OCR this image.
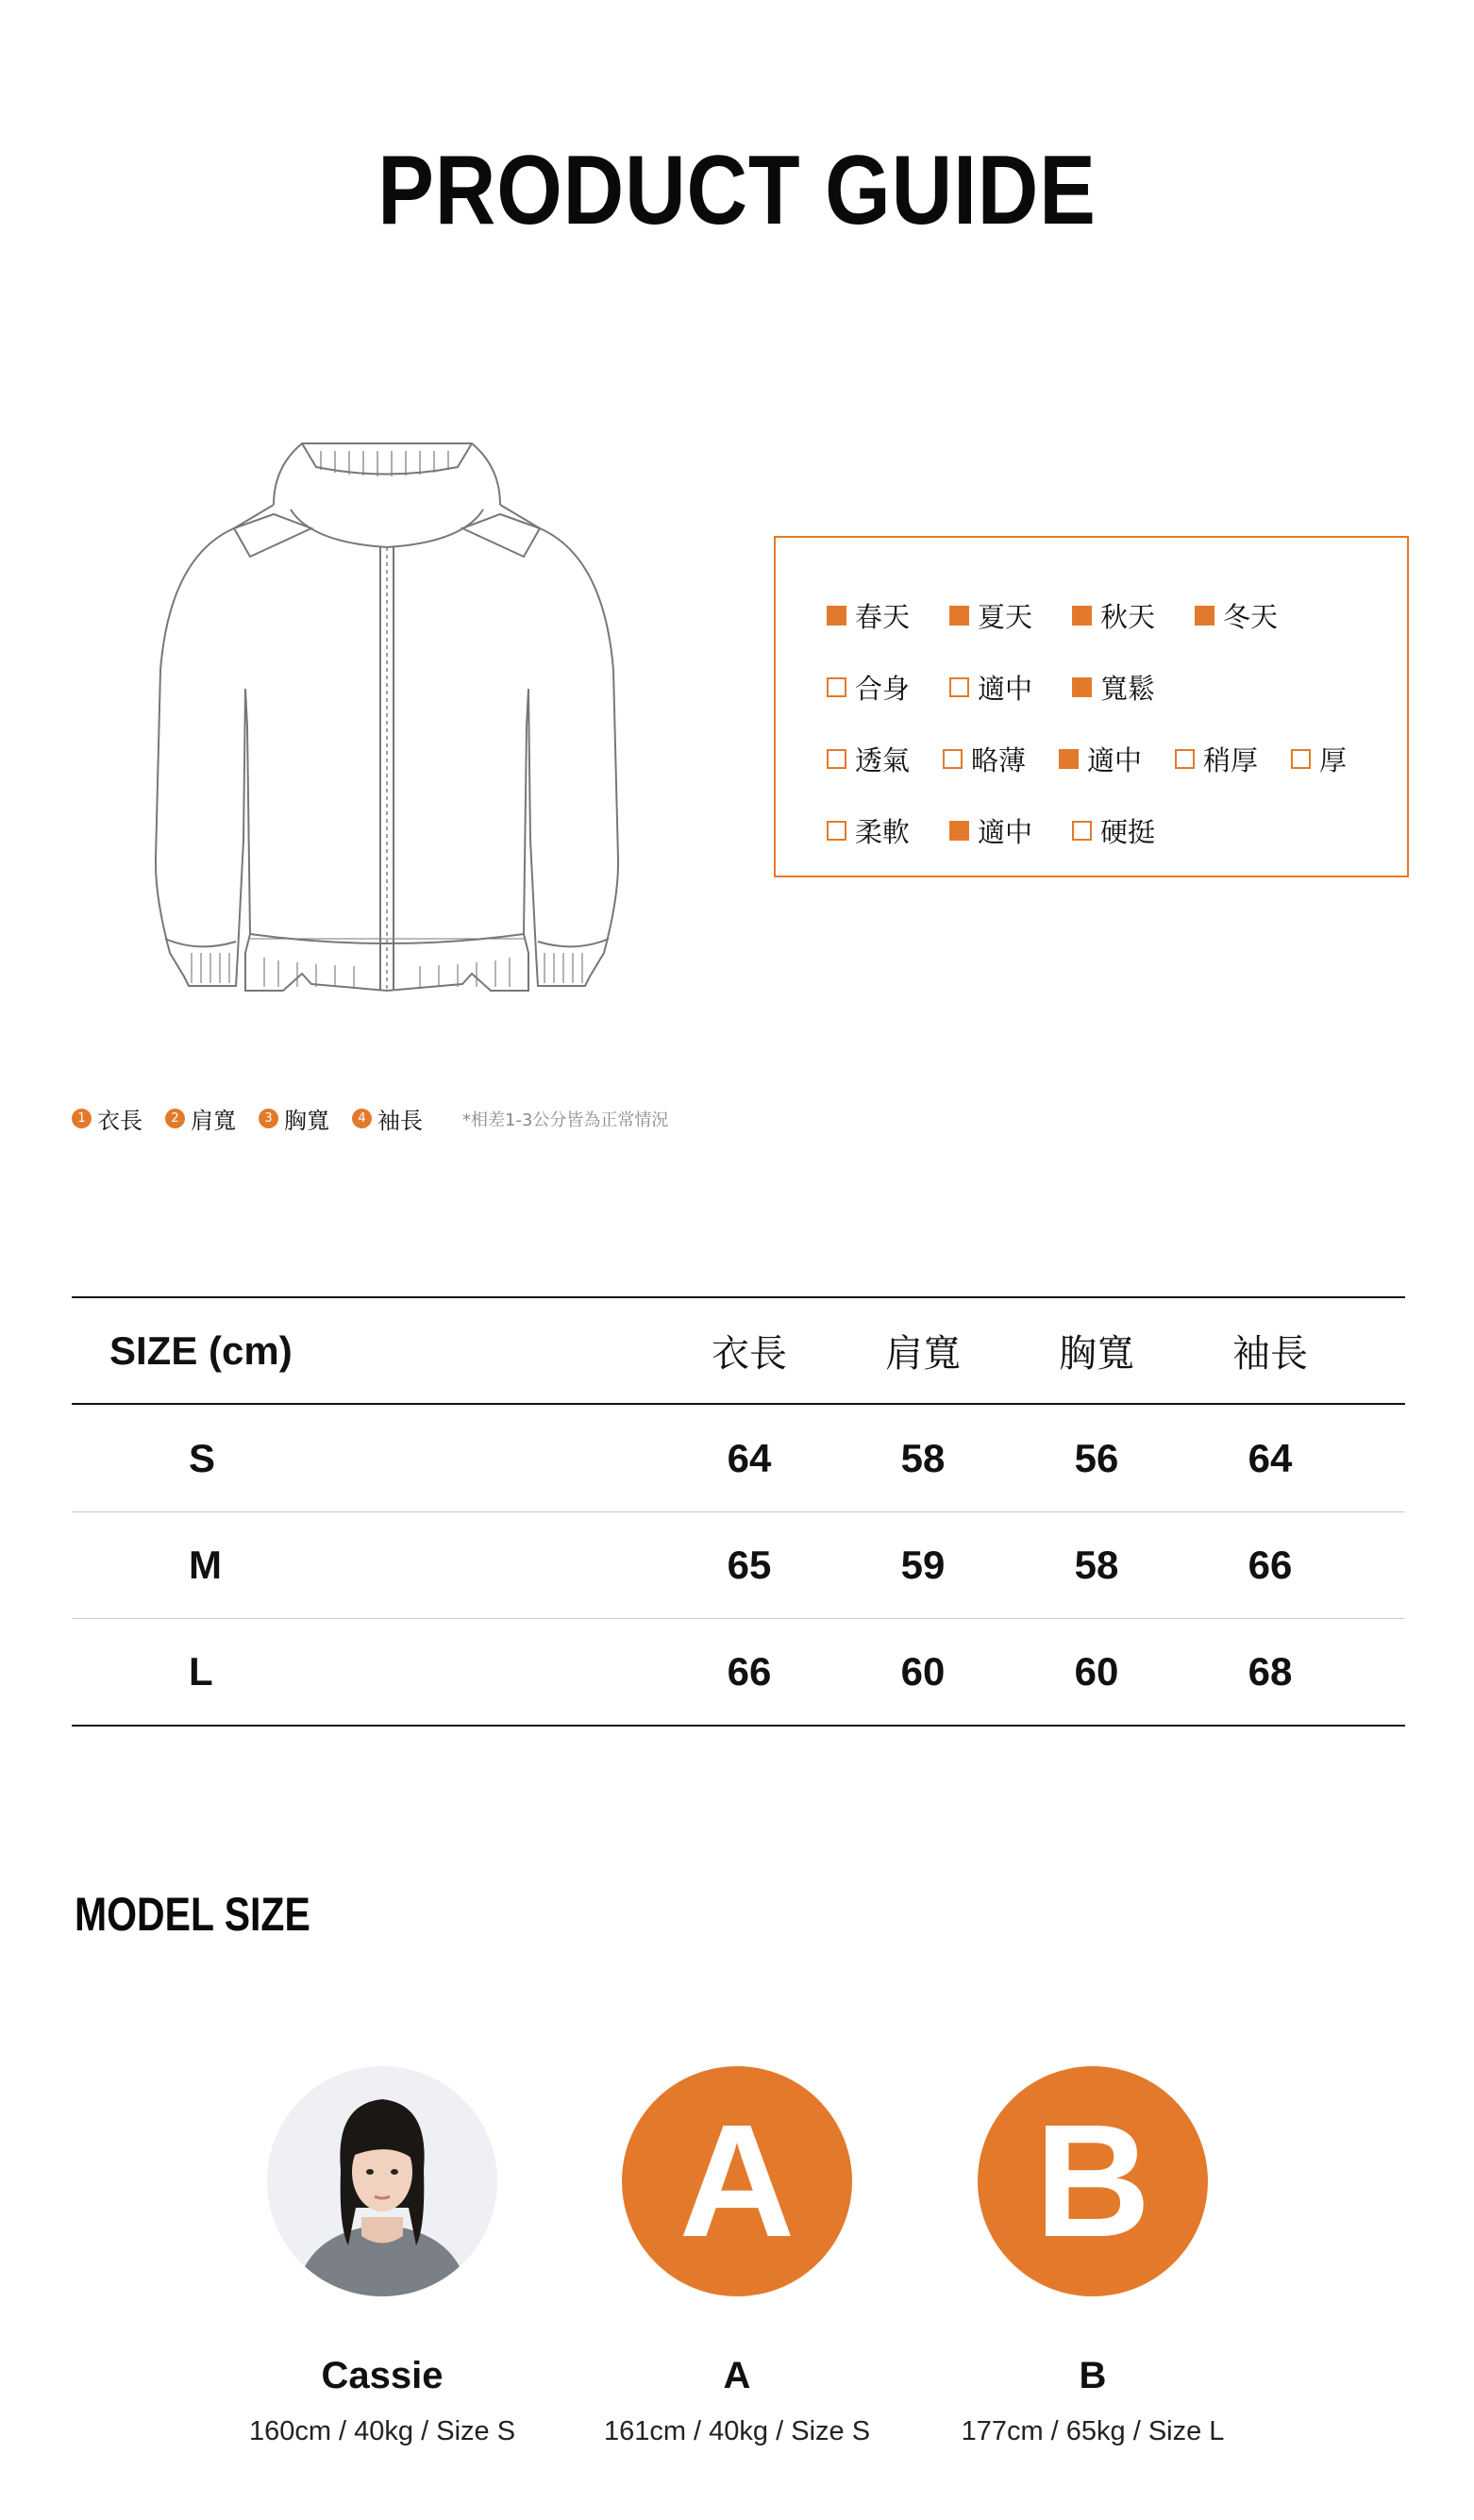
PRODUCT GUIDE
春天 夏天 秋天 冬天
合身 適中 寬鬆
透氣 略薄 適中 稍厚 厚
柔軟 適中 硬挺
1 衣長	2 肩寬	3 胸寬	4 袖長 *相差1-3公分皆為正常情況
SIZE (cm)	衣長	肩寬	胸寬	袖長
S	64	58	56	64
M	65	59	58	66
L	66	60	60	68
MODEL SIZE
Cassie
160cm / 40kg / Size S
A
A
161cm / 40kg / Size S
B
B
177cm / 65kg / Size L
